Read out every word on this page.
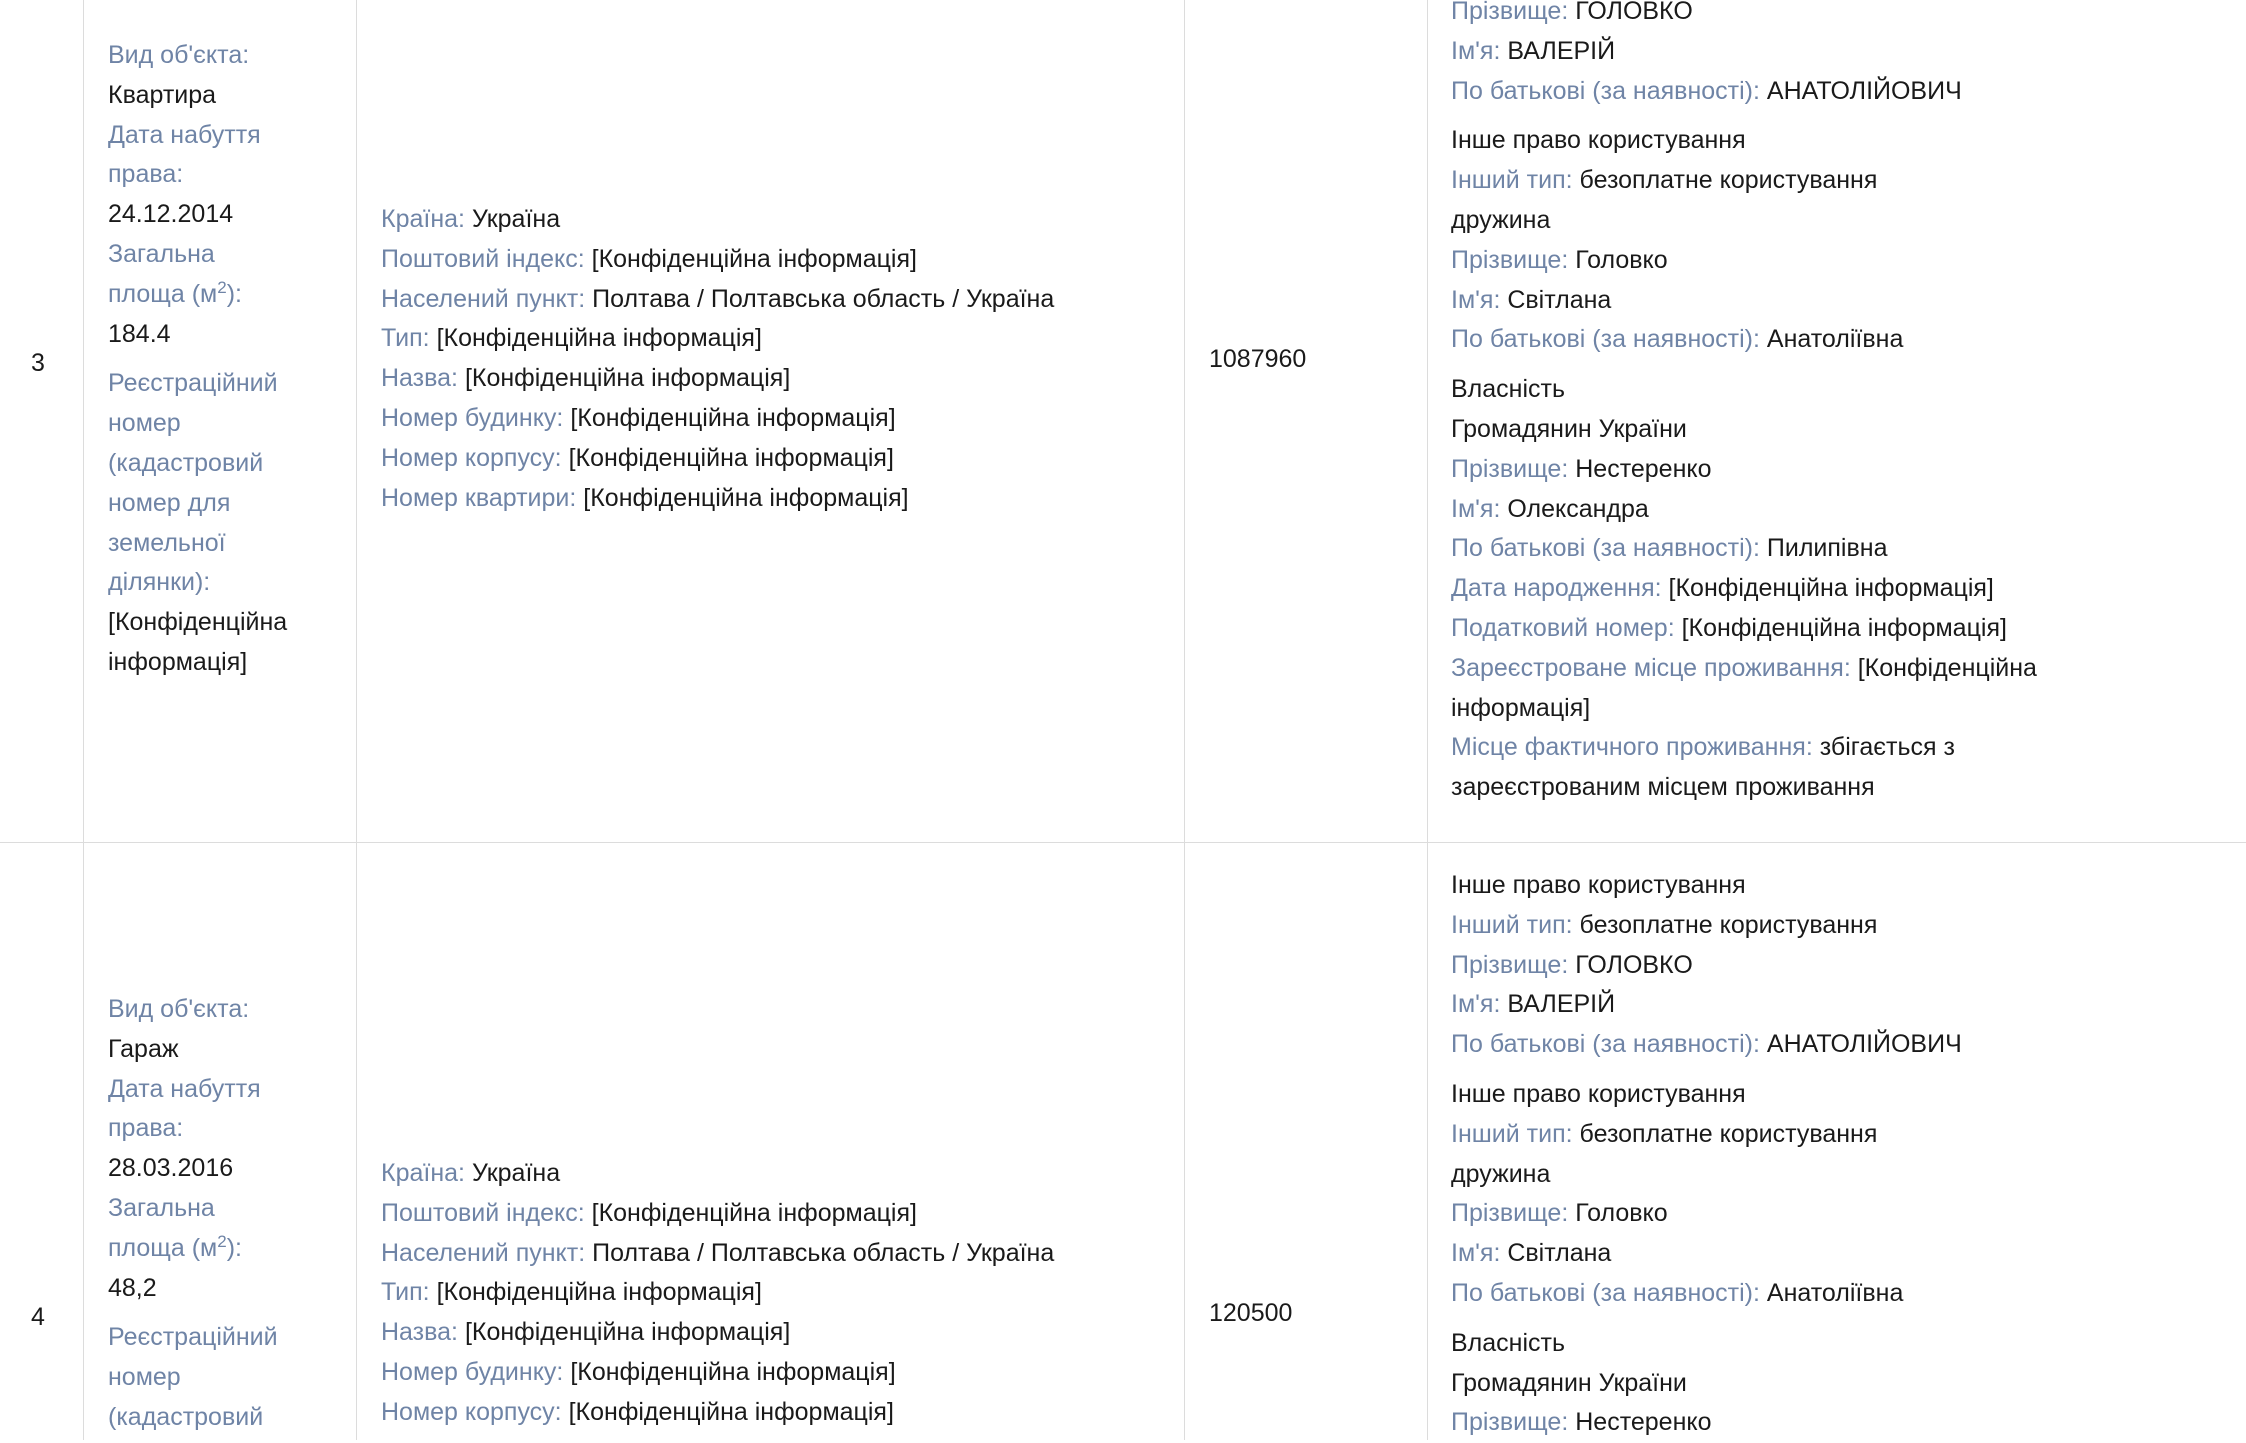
3
Вид об'єкта:
Квартира
Дата набуття
права:
24.12.2014
Загальна
площа $(м^2)$:
184.4
Реєстраційний
номер
(кадастровий
номер для
земельної
ділянки):
[Конфіденційна
інформація]
Країна: Україна
Поштовий індекс: [Конфіденційна інформація]
Населений пункт: Полтава / Полтавська область / Україна
Тип: [Конфіденційна інформація]
Назва: [Конфіденційна інформація]
Номер будинку: [Конфіденційна інформація]
Номер корпусу: [Конфіденційна інформація]
Номер квартири: [Конфіденційна інформація]
1087960
Прізвище: ГОЛОВКО
Ім'я: ВАЛЕРІЙ
По батькові (за наявності): АНАТОЛІЙОВИЧ
Інше право користування
Інший тип: безоплатне користування
дружина
Прізвище: Головко
Ім'я: Світлана
По батькові (за наявності): Анатоліївна
Власність
Громадянин України
Прізвище: Нестеренко
Ім'я: Олександра
По батькові (за наявності): Пилипівна
Дата народження: [Конфіденційна інформація]
Податковий номер: [Конфіденційна інформація]
Зареєстроване місце проживання: [Конфіденційна
інформація]
Місце фактичного проживання: збігається з
зареєстрованим місцем проживання
4
Вид об'єкта:
Гараж
Дата набуття
права:
28.03.2016
Загальна
площа $(м^2)$:
48,2
Реєстраційний
номер
(кадастровий
Країна: Україна
Поштовий індекс: [Конфіденційна інформація]
Населений пункт: Полтава / Полтавська область / Україна
Тип: [Конфіденційна інформація]
Назва: [Конфіденційна інформація]
Номер будинку: [Конфіденційна інформація]
Номер корпусу: [Конфіденційна інформація]
120500
Інше право користування
Інший тип: безоплатне користування
Прізвище: ГОЛОВКО
Ім'я: ВАЛЕРІЙ
По батькові (за наявності): АНАТОЛІЙОВИЧ
Інше право користування
Інший тип: безоплатне користування
дружина
Прізвище: Головко
Ім'я: Світлана
По батькові (за наявності): Анатоліївна
Власність
Громадянин України
Прізвище: Нестеренко
